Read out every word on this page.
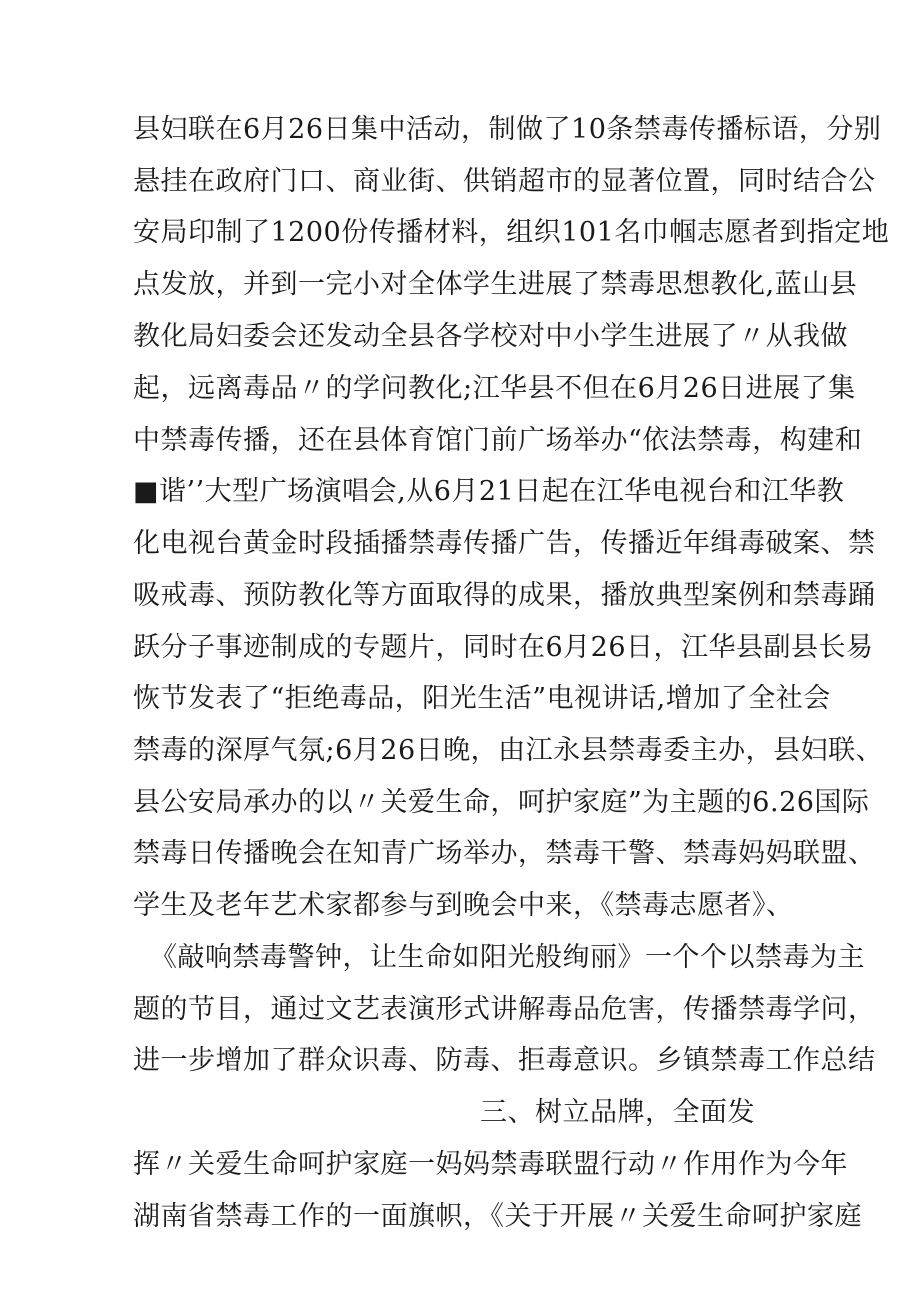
县妇联在6月26日集中活动，制做了10条禁毒传播标语，分别
悬挂在政府门口、商业街、供销超市的显著位置，同时结合公
安局印制了1200份传播材料，组织101名巾帼志愿者到指定地
点发放，并到一完小对全体学生进展了禁毒思想教化,蓝山县
教化局妇委会还发动全县各学校对中小学生进展了〃从我做
起，远离毒品〃的学问教化;江华县不但在6月26日进展了集
中禁毒传播，还在县体育馆门前广场举办“依法禁毒，构建和
■谐’’大型广场演唱会,从6月21日起在江华电视台和江华教
化电视台黄金时段插播禁毒传播广告，传播近年缉毒破案、禁
吸戒毒、预防教化等方面取得的成果，播放典型案例和禁毒踊
跃分子事迹制成的专题片，同时在6月26日，江华县副县长易
恢节发表了“拒绝毒品，阳光生活”电视讲话,增加了全社会
禁毒的深厚气氛;6月26日晚，由江永县禁毒委主办，县妇联、
县公安局承办的以〃关爱生命，呵护家庭”为主题的6.26国际
禁毒日传播晚会在知青广场举办，禁毒干警、禁毒妈妈联盟、
学生及老年艺术家都参与到晚会中来，《禁毒志愿者》、
《敲响禁毒警钟，让生命如阳光般绚丽》一个个以禁毒为主
题的节目，通过文艺表演形式讲解毒品危害，传播禁毒学问，
进一步增加了群众识毒、防毒、拒毒意识。乡镇禁毒工作总结
三、树立品牌，全面发
挥〃关爱生命呵护家庭一妈妈禁毒联盟行动〃作用作为今年
湖南省禁毒工作的一面旗帜，《关于开展〃关爱生命呵护家庭
